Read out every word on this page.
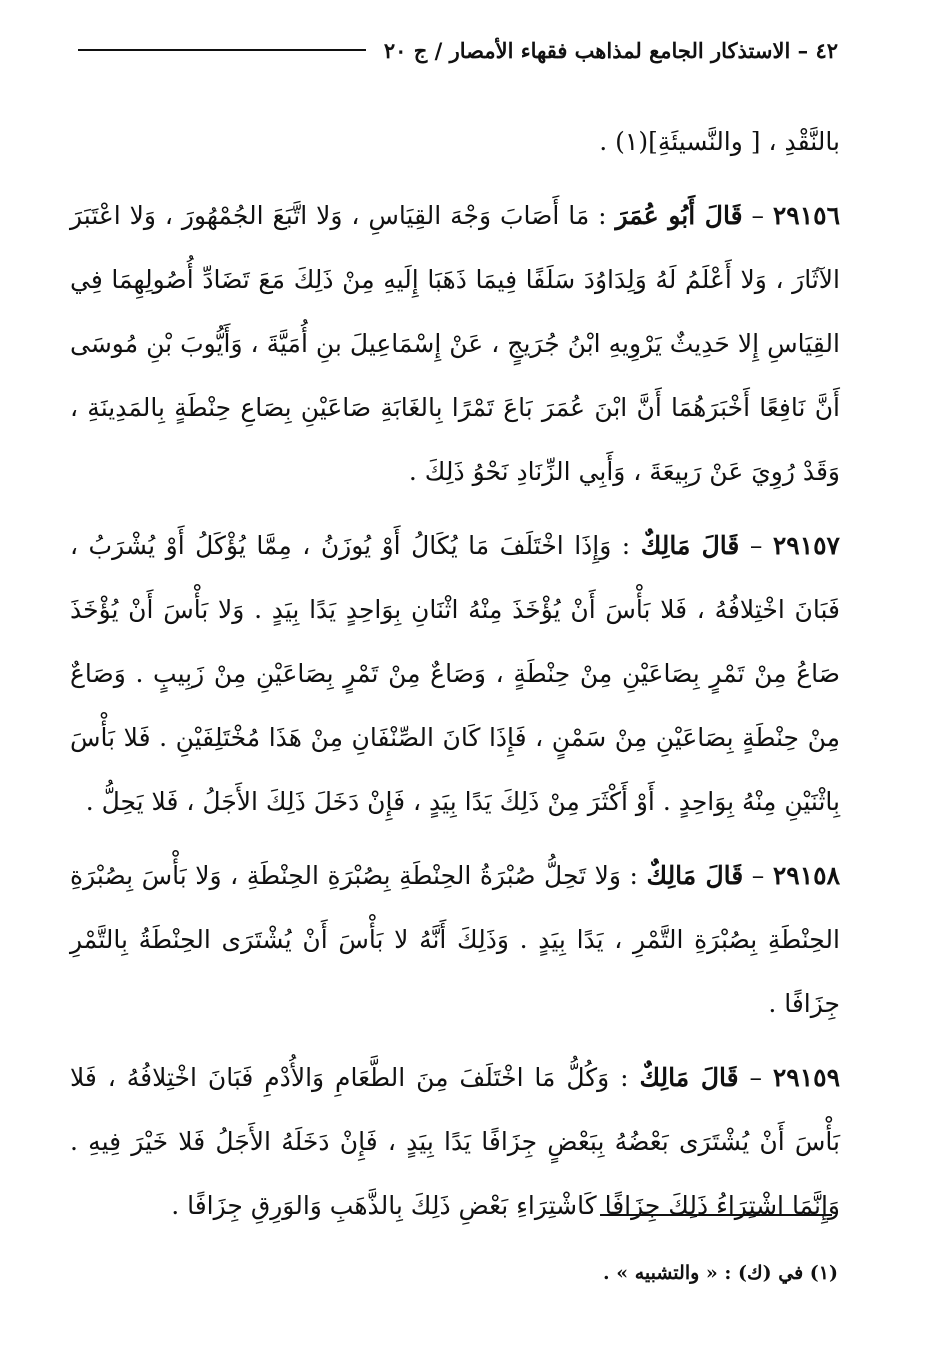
٤٢ – الاستذكار الجامع لمذاهب فقهاء الأمصار / ج ٢٠

بالنَّقْدِ ، [ والنَّسيئَةِ](١) .

٢٩١٥٦ – قَالَ أَبُو عُمَرَ : مَا أَصَابَ وَجْهَ القِيَاسِ ، وَلا اتَّبَعَ الجُمْهُورَ ، وَلا اعْتَبَرَ الآثَارَ ، وَلا أَعْلَمُ لَهُ وَلِدَاوُدَ سَلَفًا فِيمَا ذَهَبَا إِلَيهِ مِنْ ذَلِكَ مَعَ تَضَادِّ أُصُولِهِمَا فِي القِيَاسِ إِلا حَدِيثٌ يَرْوِيهِ ابْنُ جُرَيجٍ ، عَنْ إِسْمَاعِيلَ بنِ أُمَيَّةَ ، وَأَيُّوبَ بْنِ مُوسَى أَنَّ نَافِعًا أَخْبَرَهُمَا أَنَّ ابْنَ عُمَرَ بَاعَ تَمْرًا بِالغَابَةِ صَاعَيْنِ بِصَاعِ حِنْطَةٍ بِالمَدِينَةِ ، وَقَدْ رُوِيَ عَنْ رَبِيعَةَ ، وَأَبِي الزِّنَادِ نَحْوُ ذَلِكَ .

٢٩١٥٧ – قَالَ مَالِكٌ : وَإِذَا اخْتَلَفَ مَا يُكَالُ أَوْ يُوزَنُ ، مِمَّا يُؤْكَلُ أَوْ يُشْرَبُ ، فَبَانَ اخْتِلافُهُ ، فَلا بَأْسَ أَنْ يُؤْخَذَ مِنْهُ اثْنَانِ بِوَاحِدٍ يَدًا بِيَدٍ . وَلا بَأْسَ أَنْ يُؤْخَذَ صَاعُ مِنْ تَمْرٍ بِصَاعَيْنِ مِنْ حِنْطَةٍ ، وَصَاعٌ مِنْ تَمْرٍ بِصَاعَيْنِ مِنْ زَبِيبٍ . وَصَاعٌ مِنْ حِنْطَةٍ بِصَاعَيْنِ مِنْ سَمْنٍ ، فَإِذَا كَانَ الصِّنْفَانِ مِنْ هَذَا مُخْتَلِفَيْنِ . فَلا بَأْسَ بِاثْنَيْنِ مِنْهُ بِوَاحِدٍ . أَوْ أَكْثَرَ مِنْ ذَلِكَ يَدًا بِيَدٍ ، فَإِنْ دَخَلَ ذَلِكَ الأَجَلُ ، فَلا يَحِلُّ .

٢٩١٥٨ – قَالَ مَالِكٌ : وَلا تَحِلُّ صُبْرَةُ الحِنْطَةِ بِصُبْرَةِ الحِنْطَةِ ، وَلا بَأْسَ بِصُبْرَةِ الحِنْطَةِ بِصُبْرَةِ التَّمْرِ ، يَدًا بِيَدٍ . وَذَلِكَ أَنَّهُ لا بَأْسَ أَنْ يُشْتَرَى الحِنْطَةُ بِالتَّمْرِ جِزَافًا .

٢٩١٥٩ – قَالَ مَالِكٌ : وَكُلُّ مَا اخْتَلَفَ مِنَ الطَّعَامِ وَالأُدْمِ فَبَانَ اخْتِلافُهُ ، فَلا بَأْسَ أَنْ يُشْتَرَى بَعْضُهُ بِبَعْضٍ جِزَافًا يَدًا بِيَدٍ ، فَإِنْ دَخَلَهُ الأَجَلُ فَلا خَيْرَ فِيهِ . وَإِنَّمَا اشْتِرَاءُ ذَلِكَ جِزَافًا كَاشْتِرَاءِ بَعْضِ ذَلِكَ بِالذَّهَبِ وَالوَرِقِ جِزَافًا .

(١) في (ك) : « والتشبيه » .
